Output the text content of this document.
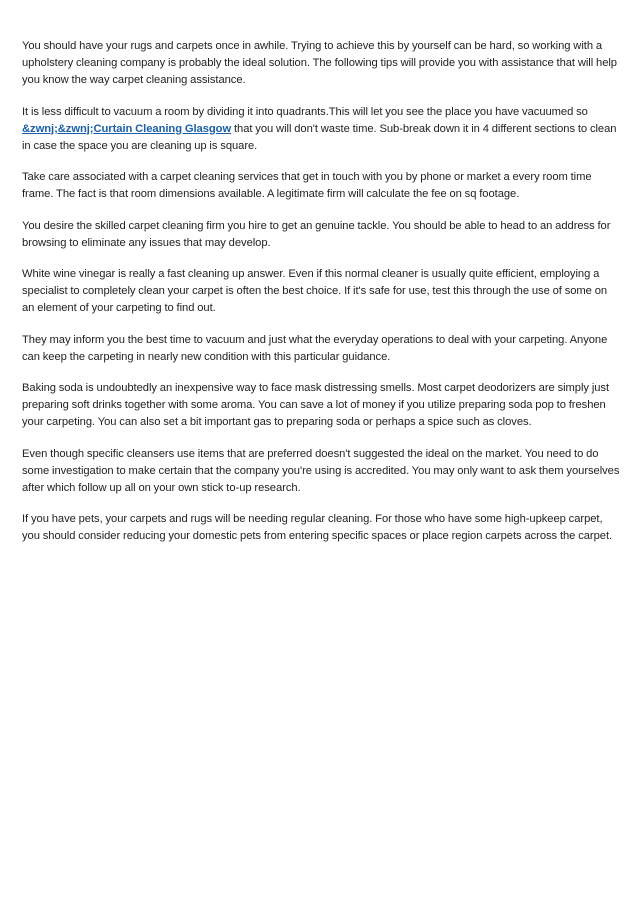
You should have your rugs and carpets once in awhile. Trying to achieve this by yourself can be hard, so working with a upholstery cleaning company is probably the ideal solution. The following tips will provide you with assistance that will help you know the way carpet cleaning assistance.

It is less difficult to vacuum a room by dividing it into quadrants.This will let you see the place you have vacuumed so &zwnj;&zwnj;Curtain Cleaning Glasgow that you will don't waste time. Sub-break down it in 4 different sections to clean in case the space you are cleaning up is square.

Take care associated with a carpet cleaning services that get in touch with you by phone or market a every room time frame. The fact is that room dimensions available. A legitimate firm will calculate the fee on sq footage.

You desire the skilled carpet cleaning firm you hire to get an genuine tackle. You should be able to head to an address for browsing to eliminate any issues that may develop.

White wine vinegar is really a fast cleaning up answer. Even if this normal cleaner is usually quite efficient, employing a specialist to completely clean your carpet is often the best choice. If it's safe for use, test this through the use of some on an element of your carpeting to find out.

They may inform you the best time to vacuum and just what the everyday operations to deal with your carpeting. Anyone can keep the carpeting in nearly new condition with this particular guidance.

Baking soda is undoubtedly an inexpensive way to face mask distressing smells. Most carpet deodorizers are simply just preparing soft drinks together with some aroma. You can save a lot of money if you utilize preparing soda pop to freshen your carpeting. You can also set a bit important gas to preparing soda or perhaps a spice such as cloves.

Even though specific cleansers use items that are preferred doesn't suggested the ideal on the market. You need to do some investigation to make certain that the company you're using is accredited. You may only want to ask them yourselves after which follow up all on your own stick to-up research.

If you have pets, your carpets and rugs will be needing regular cleaning. For those who have some high-upkeep carpet, you should consider reducing your domestic pets from entering specific spaces or place region carpets across the carpet.
